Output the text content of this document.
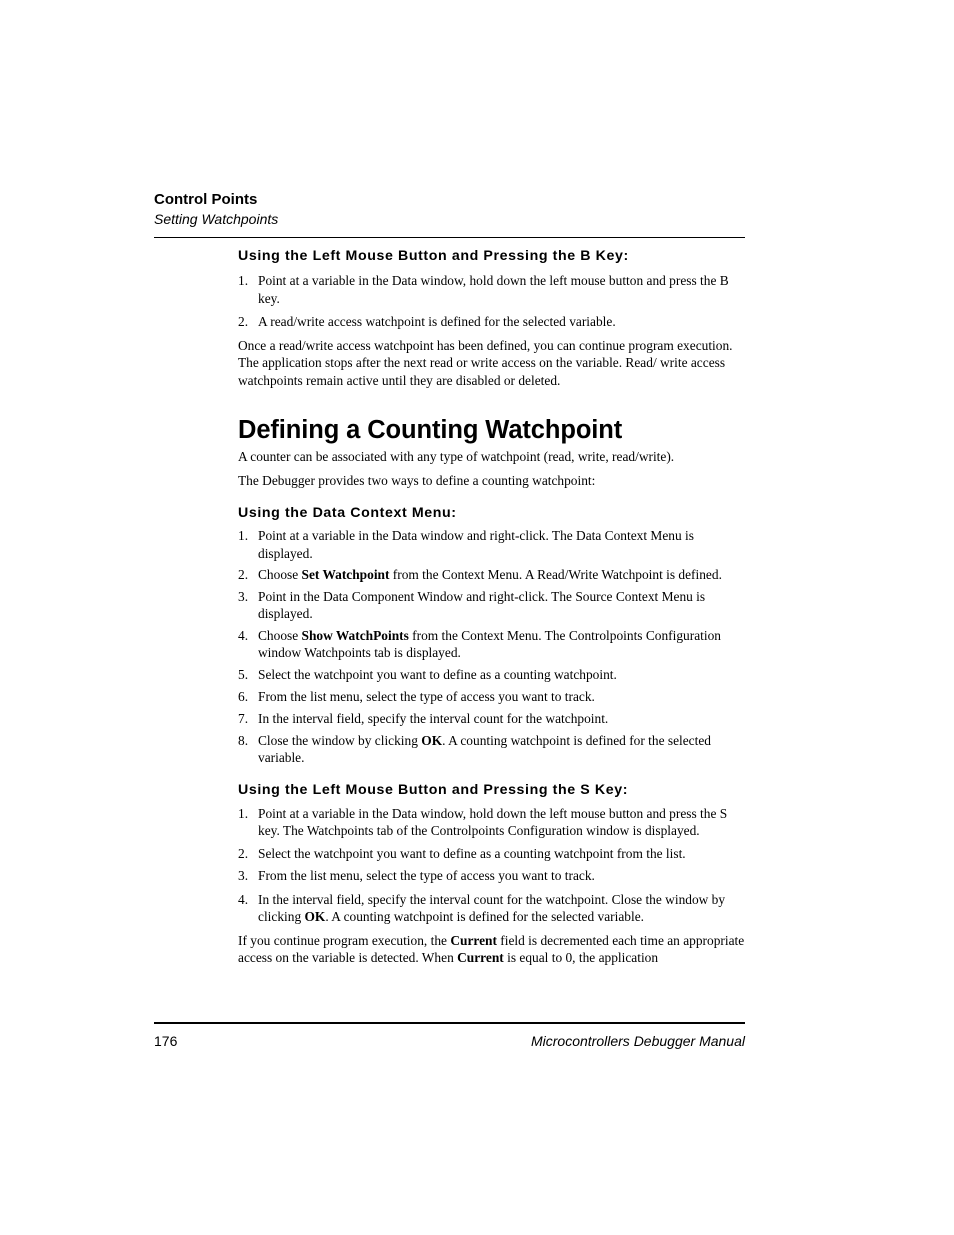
Control Points
Setting Watchpoints
Using the Left Mouse Button and Pressing the B Key:
1. Point at a variable in the Data window, hold down the left mouse button and press the B key.
2. A read/write access watchpoint is defined for the selected variable.

Once a read/write access watchpoint has been defined, you can continue program execution. The application stops after the next read or write access on the variable. Read/ write access watchpoints remain active until they are disabled or deleted.

Defining a Counting Watchpoint

A counter can be associated with any type of watchpoint (read, write, read/write).

The Debugger provides two ways to define a counting watchpoint:

Using the Data Context Menu:
1. Point at a variable in the Data window and right-click. The Data Context Menu is displayed.
2. Choose Set Watchpoint from the Context Menu. A Read/Write Watchpoint is defined.
3. Point in the Data Component Window and right-click. The Source Context Menu is displayed.
4. Choose Show WatchPoints from the Context Menu. The Controlpoints Configuration window Watchpoints tab is displayed.
5. Select the watchpoint you want to define as a counting watchpoint.
6. From the list menu, select the type of access you want to track.
7. In the interval field, specify the interval count for the watchpoint.
8. Close the window by clicking OK. A counting watchpoint is defined for the selected variable.
Using the Left Mouse Button and Pressing the S Key:
1. Point at a variable in the Data window, hold down the left mouse button and press the S key. The Watchpoints tab of the Controlpoints Configuration window is displayed.
2. Select the watchpoint you want to define as a counting watchpoint from the list.
3. From the list menu, select the type of access you want to track.
4. In the interval field, specify the interval count for the watchpoint. Close the window by clicking OK. A counting watchpoint is defined for the selected variable.

If you continue program execution, the Current field is decremented each time an appropriate access on the variable is detected. When Current is equal to 0, the application

176	Microcontrollers Debugger Manual
